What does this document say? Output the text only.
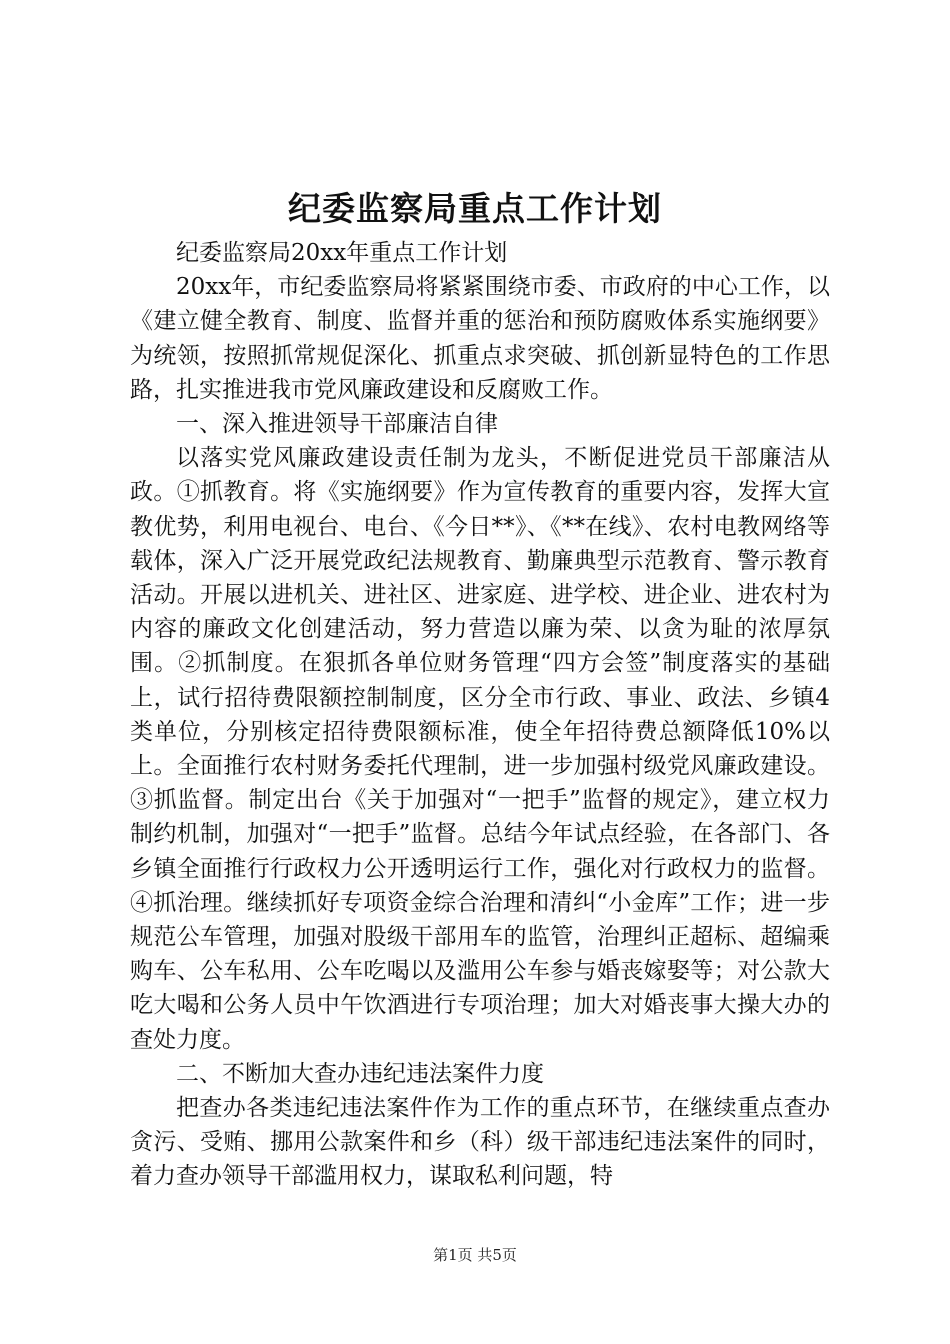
纪委监察局重点工作计划

纪委监察局20xx年重点工作计划

20xx年，市纪委监察局将紧紧围绕市委、市政府的中心工作，以《建立健全教育、制度、监督并重的惩治和预防腐败体系实施纲要》为统领，按照抓常规促深化、抓重点求突破、抓创新显特色的工作思路，扎实推进我市党风廉政建设和反腐败工作。

一、深入推进领导干部廉洁自律

以落实党风廉政建设责任制为龙头，不断促进党员干部廉洁从政。①抓教育。将《实施纲要》作为宣传教育的重要内容，发挥大宣教优势，利用电视台、电台、《今日**》、《**在线》、农村电教网络等载体，深入广泛开展党政纪法规教育、勤廉典型示范教育、警示教育活动。开展以进机关、进社区、进家庭、进学校、进企业、进农村为内容的廉政文化创建活动，努力营造以廉为荣、以贪为耻的浓厚氛围。②抓制度。在狠抓各单位财务管理“四方会签”制度落实的基础上，试行招待费限额控制制度，区分全市行政、事业、政法、乡镇4类单位，分别核定招待费限额标准，使全年招待费总额降低10%以上。全面推行农村财务委托代理制，进一步加强村级党风廉政建设。③抓监督。制定出台《关于加强对“一把手”监督的规定》，建立权力制约机制，加强对“一把手”监督。总结今年试点经验，在各部门、各乡镇全面推行行政权力公开透明运行工作，强化对行政权力的监督。④抓治理。继续抓好专项资金综合治理和清纠“小金库”工作；进一步规范公车管理，加强对股级干部用车的监管，治理纠正超标、超编乘购车、公车私用、公车吃喝以及滥用公车参与婚丧嫁娶等；对公款大吃大喝和公务人员中午饮酒进行专项治理；加大对婚丧事大操大办的查处力度。

二、不断加大查办违纪违法案件力度

把查办各类违纪违法案件作为工作的重点环节，在继续重点查办贪污、受贿、挪用公款案件和乡（科）级干部违纪违法案件的同时，着力查办领导干部滥用权力，谋取私利问题，特

第1页 共5页
